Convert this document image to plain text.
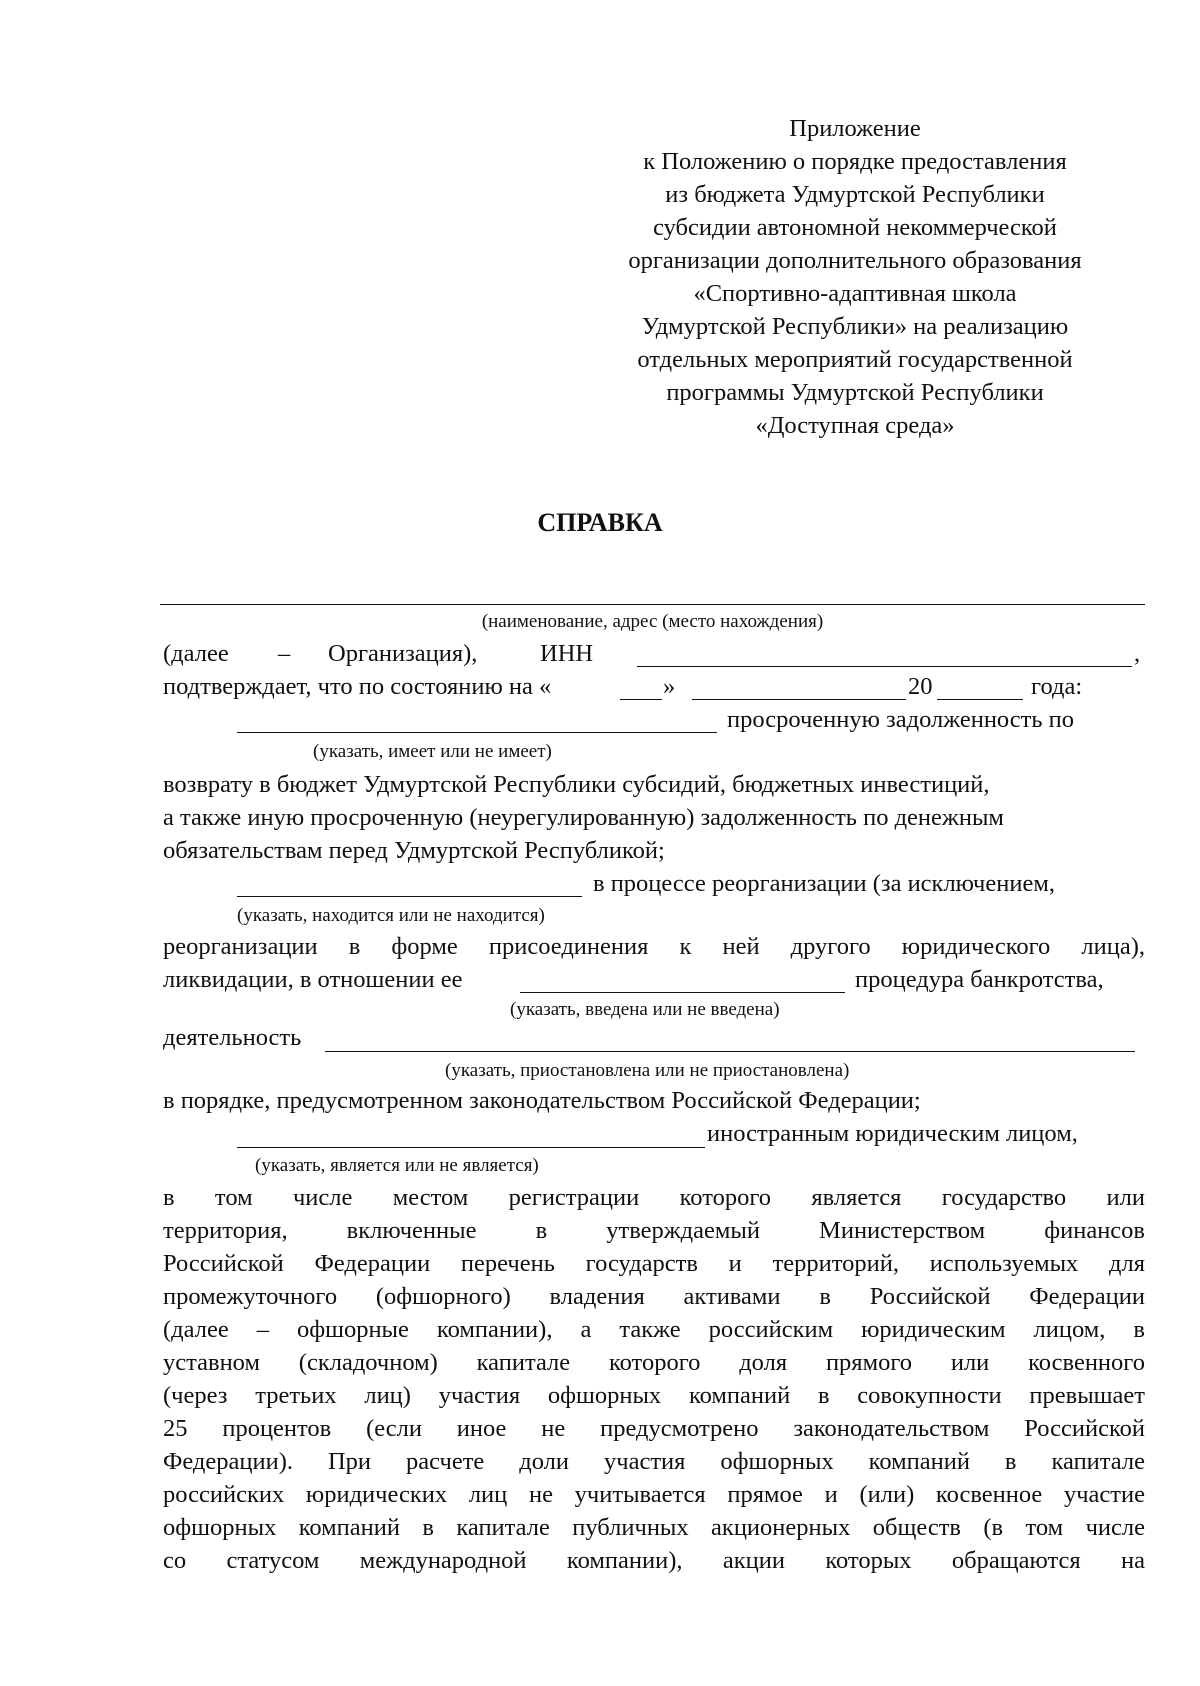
Приложение
к Положению о порядке предоставления
из бюджета Удмуртской Республики
субсидии автономной некоммерческой
организации дополнительного образования
«Спортивно-адаптивная школа
Удмуртской Республики» на реализацию
отдельных мероприятий государственной
программы Удмуртской Республики
«Доступная среда»
СПРАВКА
(наименование, адрес (место нахождения)
(далее – Организация),	ИНН	,
подтверждает, что по состоянию на «	»	20	года:
просроченную задолженность по
(указать, имеет или не имеет)
возврату в бюджет Удмуртской Республики субсидий, бюджетных инвестиций,
а также иную просроченную (неурегулированную) задолженность по денежным
обязательствам перед Удмуртской Республикой;
в процессе реорганизации (за исключением,
(указать, находится или не находится)
реорганизации в форме присоединения к ней другого юридического лица),
ликвидации, в отношении ее	процедура банкротства,
(указать, введена или не введена)
деятельность
(указать, приостановлена или не приостановлена)
в порядке, предусмотренном законодательством Российской Федерации;
иностранным юридическим лицом,
(указать, является или не является)
в том числе местом регистрации которого является государство или
территория, включенные в утверждаемый Министерством финансов
Российской Федерации перечень государств и территорий, используемых для
промежуточного (офшорного) владения активами в Российской Федерации
(далее – офшорные компании), а также российским юридическим лицом, в
уставном (складочном) капитале которого доля прямого или косвенного
(через третьих лиц) участия офшорных компаний в совокупности превышает
25 процентов (если иное не предусмотрено законодательством Российской
Федерации). При расчете доли участия офшорных компаний в капитале
российских юридических лиц не учитывается прямое и (или) косвенное участие
офшорных компаний в капитале публичных акционерных обществ (в том числе
со статусом международной компании), акции которых обращаются на
